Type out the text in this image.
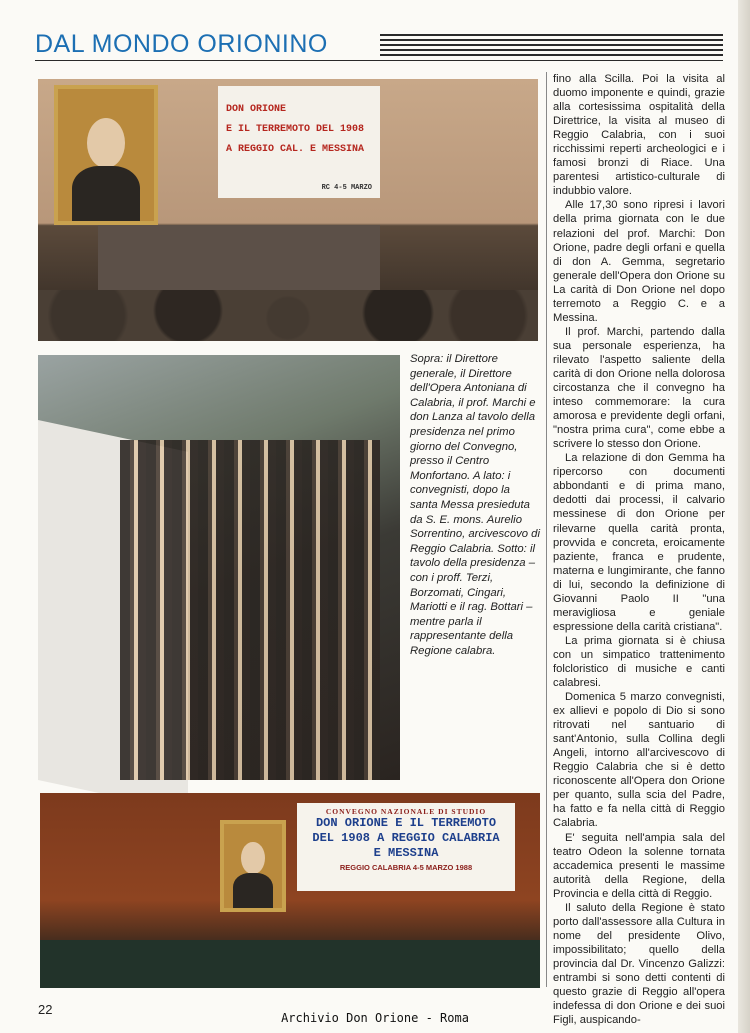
DAL MONDO ORIONINO
DON ORIONE
E IL TERREMOTO DEL 1908
A REGGIO CAL. E MESSINA
RC 4-5 MARZO
Sopra: il Direttore generale, il Direttore dell'Opera Antoniana di Calabria, il prof. Marchi e don Lanza al tavolo della presidenza nel primo giorno del Convegno, presso il Centro Monfortano. A lato: i convegnisti, dopo la santa Messa presieduta da S. E. mons. Aurelio Sorrentino, arcivescovo di Reggio Calabria. Sotto: il tavolo della presidenza – con i proff. Terzi, Borzomati, Cingari, Mariotti e il rag. Bottari – mentre parla il rappresentante della Regione calabra.
CONVEGNO NAZIONALE DI STUDIO
DON ORIONE E IL TERREMOTO
DEL 1908 A REGGIO CALABRIA
E MESSINA
REGGIO CALABRIA 4-5 MARZO 1988

fino alla Scilla. Poi la visita al duomo imponente e quindi, grazie alla cortesissima ospitalità della Direttrice, la visita al museo di Reggio Calabria, con i suoi ricchissimi reperti archeologici e i famosi bronzi di Riace. Una parentesi artistico-culturale di indubbio valore.

Alle 17,30 sono ripresi i lavori della prima giornata con le due relazioni del prof. Marchi: Don Orione, padre degli orfani e quella di don A. Gemma, segretario generale dell'Opera don Orione su La carità di Don Orione nel dopo terremoto a Reggio C. e a Messina.

Il prof. Marchi, partendo dalla sua personale esperienza, ha rilevato l'aspetto saliente della carità di don Orione nella dolorosa circostanza che il convegno ha inteso commemorare: la cura amorosa e previdente degli orfani, "nostra prima cura", come ebbe a scrivere lo stesso don Orione.

La relazione di don Gemma ha ripercorso con documenti abbondanti e di prima mano, dedotti dai processi, il calvario messinese di don Orione per rilevarne quella carità pronta, provvida e concreta, eroicamente paziente, franca e prudente, materna e lungimirante, che fanno di lui, secondo la definizione di Giovanni Paolo II "una meravigliosa e geniale espressione della carità cristiana".

La prima giornata si è chiusa con un simpatico trattenimento folcloristico di musiche e canti calabresi.

Domenica 5 marzo convegnisti, ex allievi e popolo di Dio si sono ritrovati nel santuario di sant'Antonio, sulla Collina degli Angeli, intorno all'arcivescovo di Reggio Calabria che si è detto riconoscente all'Opera don Orione per quanto, sulla scia del Padre, ha fatto e fa nella città di Reggio Calabria.

E' seguita nell'ampia sala del teatro Odeon la solenne tornata accademica presenti le massime autorità della Regione, della Provincia e della città di Reggio.

Il saluto della Regione è stato porto dall'assessore alla Cultura in nome del presidente Olivo, impossibilitato; quello della provincia dal Dr. Vincenzo Galizzi: entrambi si sono detti contenti di questo grazie di Reggio all'opera indefessa di don Orione e dei suoi Figli, auspicando-

22
Archivio Don Orione - Roma
